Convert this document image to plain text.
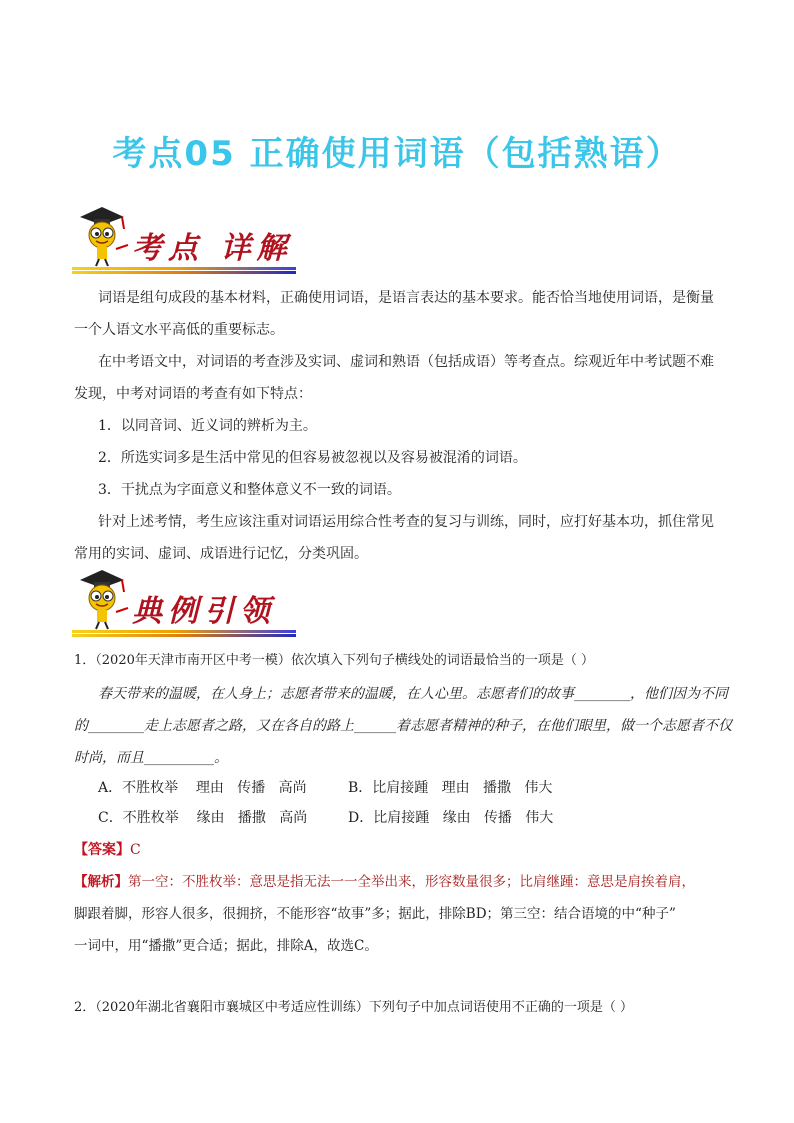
考点05 正确使用词语（包括熟语）
考点 详解

词语是组句成段的基本材料，正确使用词语，是语言表达的基本要求。能否恰当地使用词语，是衡量

一个人语文水平高低的重要标志。

在中考语文中，对词语的考查涉及实词、虚词和熟语（包括成语）等考查点。综观近年中考试题不难

发现，中考对词语的考查有如下特点：

1．以同音词、近义词的辨析为主。

2．所选实词多是生活中常见的但容易被忽视以及容易被混淆的词语。

3．干扰点为字面意义和整体意义不一致的词语。

针对上述考情，考生应该注重对词语运用综合性考查的复习与训练，同时，应打好基本功，抓住常见

常用的实词、虚词、成语进行记忆，分类巩固。

典例引领

1．（2020年天津市南开区中考一模）依次填入下列句子横线处的词语最恰当的一项是（ ）

春天带来的温暖，在人身上；志愿者带来的温暖，在人心里。志愿者们的故事________，他们因为不同

的________走上志愿者之路，又在各自的路上______着志愿者精神的种子，在他们眼里，做一个志愿者不仅

时尚，而且__________。

A．不胜枚举    理由   传播   高尚	B．比肩接踵   理由   播撒   伟大

C．不胜枚举    缘由   播撒   高尚	D．比肩接踵   缘由   传播   伟大

【答案】C

【解析】第一空：不胜枚举：意思是指无法一一全举出来，形容数量很多；比肩继踵：意思是肩挨着肩，

脚跟着脚，形容人很多，很拥挤，不能形容“故事”多；据此，排除BD；第三空：结合语境的中“种子”

一词中，用“播撒”更合适；据此，排除A，故选C。

2．（2020年湖北省襄阳市襄城区中考适应性训练）下列句子中加点词语使用不正确的一项是（ ）
